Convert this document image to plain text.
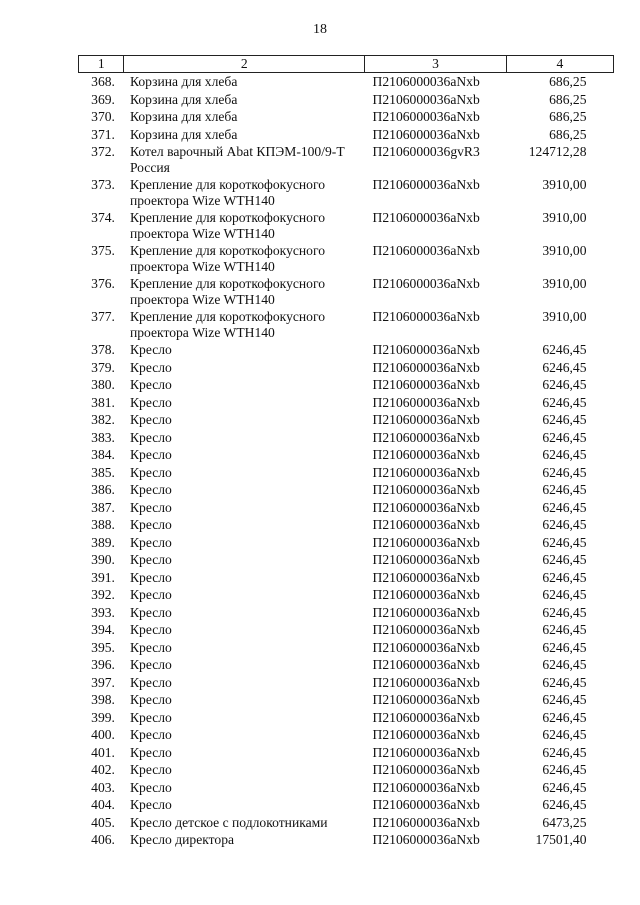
18
1	2	3	4
368.	Корзина для хлеба	П2106000036aNxb	686,25
369.	Корзина для хлеба	П2106000036aNxb	686,25
370.	Корзина для хлеба	П2106000036aNxb	686,25
371.	Корзина для хлеба	П2106000036aNxb	686,25
372.	Котел варочный Abat КПЭМ-100/9-Т Россия	П2106000036gvR3	124712,28
373.	Крепление для короткофокусного проектора Wize WTH140	П2106000036aNxb	3910,00
374.	Крепление для короткофокусного проектора Wize WTH140	П2106000036aNxb	3910,00
375.	Крепление для короткофокусного проектора Wize WTH140	П2106000036aNxb	3910,00
376.	Крепление для короткофокусного проектора Wize WTH140	П2106000036aNxb	3910,00
377.	Крепление для короткофокусного проектора Wize WTH140	П2106000036aNxb	3910,00
378.	Кресло	П2106000036aNxb	6246,45
379.	Кресло	П2106000036aNxb	6246,45
380.	Кресло	П2106000036aNxb	6246,45
381.	Кресло	П2106000036aNxb	6246,45
382.	Кресло	П2106000036aNxb	6246,45
383.	Кресло	П2106000036aNxb	6246,45
384.	Кресло	П2106000036aNxb	6246,45
385.	Кресло	П2106000036aNxb	6246,45
386.	Кресло	П2106000036aNxb	6246,45
387.	Кресло	П2106000036aNxb	6246,45
388.	Кресло	П2106000036aNxb	6246,45
389.	Кресло	П2106000036aNxb	6246,45
390.	Кресло	П2106000036aNxb	6246,45
391.	Кресло	П2106000036aNxb	6246,45
392.	Кресло	П2106000036aNxb	6246,45
393.	Кресло	П2106000036aNxb	6246,45
394.	Кресло	П2106000036aNxb	6246,45
395.	Кресло	П2106000036aNxb	6246,45
396.	Кресло	П2106000036aNxb	6246,45
397.	Кресло	П2106000036aNxb	6246,45
398.	Кресло	П2106000036aNxb	6246,45
399.	Кресло	П2106000036aNxb	6246,45
400.	Кресло	П2106000036aNxb	6246,45
401.	Кресло	П2106000036aNxb	6246,45
402.	Кресло	П2106000036aNxb	6246,45
403.	Кресло	П2106000036aNxb	6246,45
404.	Кресло	П2106000036aNxb	6246,45
405.	Кресло детское с подлокотниками	П2106000036aNxb	6473,25
406.	Кресло директора	П2106000036aNxb	17501,40
